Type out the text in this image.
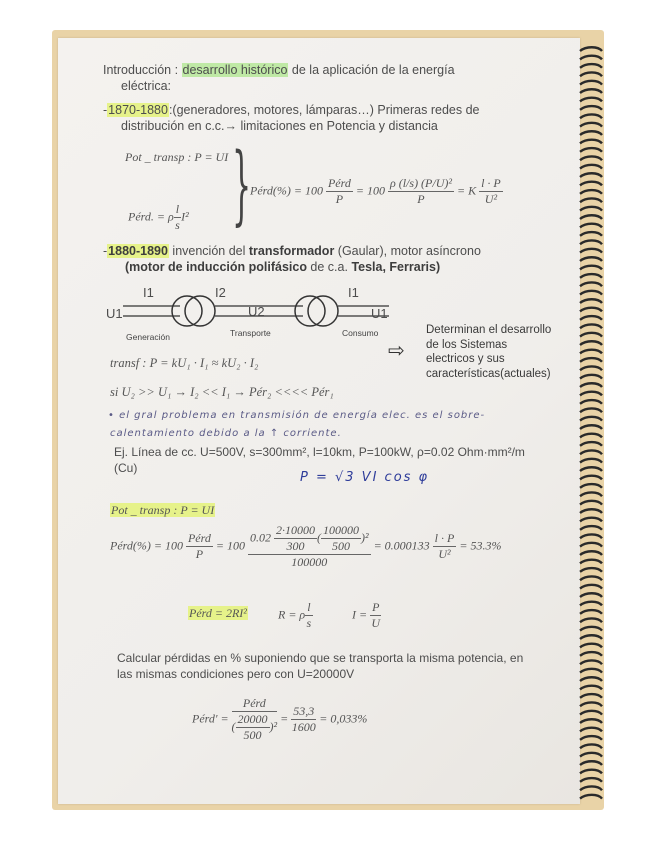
Introducción : desarrollo histórico de la aplicación de la energía
eléctrica:
-1870-1880:(generadores, motores, lámparas…) Primeras redes de
distribución en c.c.→ limitaciones en Potencia y distancia
Pot _ transp : P = UI
Pérd. = ρ $\frac{l}{s} I^2$ }
Pérd(%) = $100 \frac{\text{Pérd}}{P} = 100 \frac{\text{ρ (l/s) (P/U)²}}{P} = K \frac{l \cdot P}{\text{U²}}$
-1880-1890 invención del transformador (Gaular), motor asíncrono
(motor de inducción polifásico de c.a. Tesla, Ferraris)
U1
I1	I2
U2
I1
U1
Generación	Transporte	Consumo	Determinan el desarrollo
de los Sistemas
electricos y sus
características(actuales)
transf : P = kU₁ · I₁ ≈ kU₂ · I₂
⇨
si U₂ >> U₁ → I₂ << I₁ → Pér₂ <<<< Pér₁
• el gral problema en transmisión de energía elec. es el sobre-
calentamiento debido a la ↑ corriente.
Ej. Línea de cc. U=500V, s=300mm², l=10km, P=100kW, ρ=0.02 Ohm·mm²/m
(Cu)
P = √3 VI cos φ
Pot _ transp : P = UI
Pérd(%) = $100 \frac{\text{Pérd}}{P} = 100 \frac{0.02 \frac{2\cdot 10000}{300} ( \frac{100000}{500} )^2}{100000} = 0.000133 \frac{l \cdot P}{\text{U²}} = 53.3\%$
Pérd = 2RI²	R = ρ $\frac{l}{s}$	$I = \frac{P}{U}$
Calcular pérdidas en % suponiendo que se transporta la misma potencia, en
las mismas condiciones pero con U=20000V
Pérd' = $\frac{\text{Pérd}}{( \frac{20000}{500} )^2} = \frac{53,3}{1600} = 0,033\%$
